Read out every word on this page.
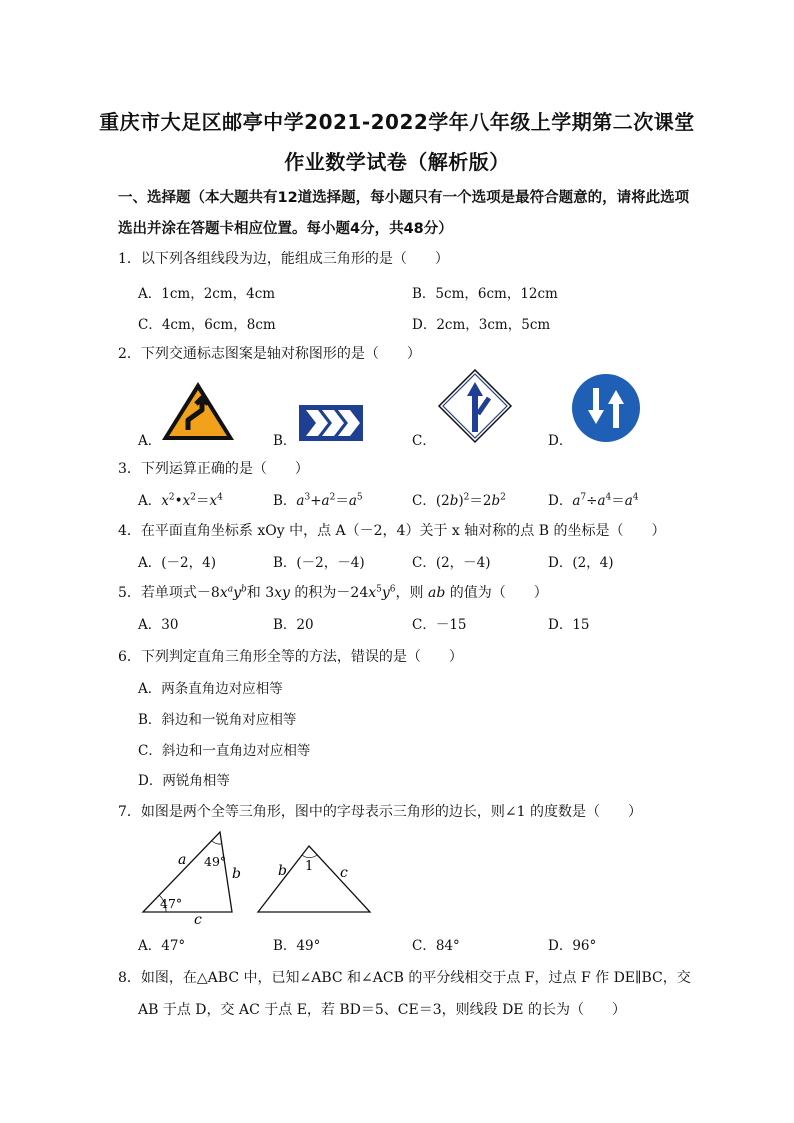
重庆市大足区邮亭中学2021-2022学年八年级上学期第二次课堂
作业数学试卷（解析版）
一、选择题（本大题共有12道选择题，每小题只有一个选项是最符合题意的，请将此选项
选出并涂在答题卡相应位置。每小题4分，共48分）
1．以下列各组线段为边，能组成三角形的是（　　）
A．1cm，2cm，4cm	B．5cm，6cm，12cm
C．4cm，6cm，8cm	D．2cm，3cm，5cm
2．下列交通标志图案是轴对称图形的是（　　）
A．	B．	C．	D．
3．下列运算正确的是（　　）
A．$x^2•x^2=x^4$	B．$a^3+a^2=a^5$	C．$(2b)^2=2b^2$	D．$a^7\div a^4=a^4$
4．在平面直角坐标系 xOy 中，点 A（－2，4）关于 x 轴对称的点 B 的坐标是（　　）
A．(－2，4)	B．(－2，－4)	C．(2，－4)	D．(2，4)
5．若单项式$-8x^ay^b$和 3xy 的积为$-24x^5y^6$，则 ab 的值为（　　）
A．30	B．20	C．－15	D．15
6．下列判定直角三角形全等的方法，错误的是（　　）
A．两条直角边对应相等
B．斜边和一锐角对应相等
C．斜边和一直角边对应相等
D．两锐角相等
7．如图是两个全等三角形，图中的字母表示三角形的边长，则∠1 的度数是（　　）
a
b
c
49°
47°
b	c
1
A．47°	B．49°	C．84°	D．96°
8．如图，在△ABC 中，已知∠ABC 和∠ACB 的平分线相交于点 F，过点 F 作 DE∥BC，交
AB 于点 D，交 AC 于点 E，若 BD＝5、CE＝3，则线段 DE 的长为（　　）
